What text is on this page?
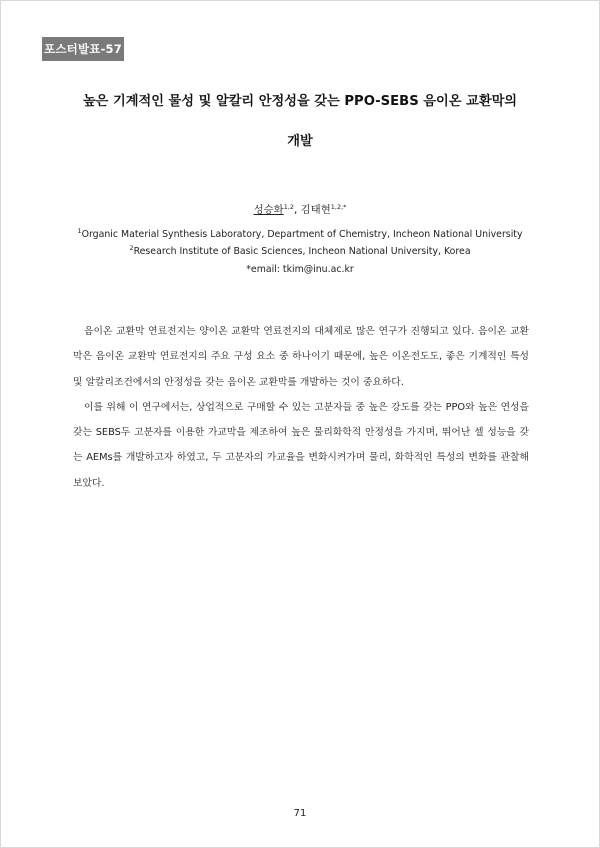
포스터발표-57
높은 기계적인 물성 및 알칼리 안정성을 갖는 PPO-SEBS 음이온 교환막의
개발
성승화$^{1,2}$, 김태현$^{1,2,*}$
$^1$Organic Material Synthesis Laboratory, Department of Chemistry, Incheon National University
$^2$Research Institute of Basic Sciences, Incheon National University, Korea
*email: tkim@inu.ac.kr

음이온 교환막 연료전지는 양이온 교환막 연료전지의 대체제로 많은 연구가 진행되고 있다. 음이온 교환막은 음이온 교환막 연료전지의 주요 구성 요소 중 하나이기 때문에, 높은 이온전도도, 좋은 기계적인 특성 및 알칼리조건에서의 안정성을 갖는 음이온 교환막를 개발하는 것이 중요하다.

이를 위해 이 연구에서는, 상업적으로 구매할 수 있는 고분자들 중 높은 강도를 갖는 PPO와 높은 연성을 갖는 SEBS두 고분자를 이용한 가교막을 제조하여 높은 물리화학적 안정성을 가지며, 뛰어난 셀 성능을 갖는 AEMs를 개발하고자 하였고, 두 고분자의 가교율을 변화시켜가며 물리, 화학적인 특성의 변화를 관찰해보았다.

71
